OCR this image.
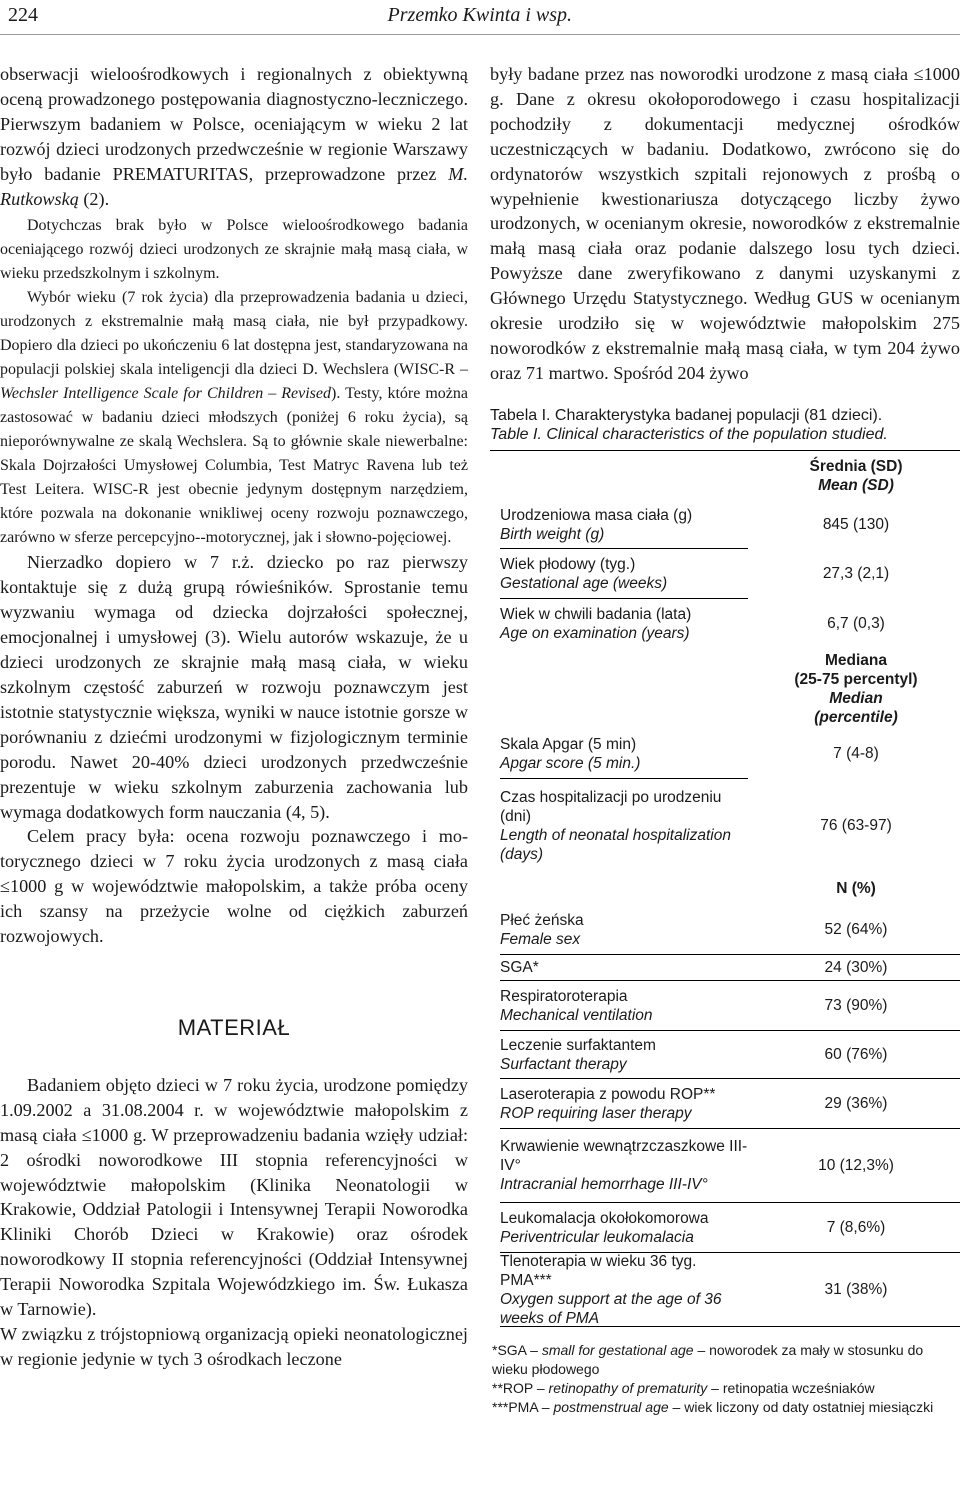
224	Przemko Kwinta i wsp.

obserwacji wieloośrodkowych i regionalnych z obiektywną oceną prowadzonego postępowania diagnostyczno-leczniczego. Pierwszym badaniem w Polsce, oceniającym w wieku 2 lat rozwój dzieci urodzonych przedwcześnie w regionie Warszawy było badanie PREMATURITAS, przeprowadzone przez M. Rutkowską (2).

Dotychczas brak było w Polsce wieloośrodkowego badania oceniającego rozwój dzieci urodzonych ze skrajnie małą masą ciała, w wieku przedszkolnym i szkolnym.

Wybór wieku (7 rok życia) dla przeprowadzenia badania u dzieci, urodzonych z ekstremalnie małą masą ciała, nie był przypadkowy. Dopiero dla dzieci po ukończeniu 6 lat dostępna jest, standaryzowana na populacji polskiej skala inteligencji dla dzieci D. Wechslera (WISC-R – Wechsler Intelligence Scale for Children – Revised). Testy, które można zastosować w badaniu dzieci młodszych (poniżej 6 roku życia), są nieporównywalne ze skalą Wechslera. Są to głównie skale niewerbalne: Skala Dojrzałości Umysłowej Columbia, Test Matryc Ravena lub też Test Leitera. WISC-R jest obecnie jedynym dostępnym narzędziem, które pozwala na dokonanie wnikliwej oceny rozwoju poznawczego, zarówno w sferze percepcyjno--motorycznej, jak i słowno-pojęciowej.

Nierzadko dopiero w 7 r.ż. dziecko po raz pierwszy kontaktuje się z dużą grupą rówieśników. Sprostanie temu wyzwaniu wymaga od dziecka dojrzałości społecznej, emocjonalnej i umysłowej (3). Wielu autorów wskazuje, że u dzieci urodzonych ze skrajnie małą masą ciała, w wieku szkolnym częstość zaburzeń w rozwoju poznawczym jest istotnie statystycznie większa, wyniki w nauce istotnie gorsze w porównaniu z dziećmi urodzonymi w fizjologicznym terminie porodu. Nawet 20-40% dzieci urodzonych przedwcześnie prezentuje w wieku szkolnym zaburzenia zachowania lub wymaga dodatkowych form nauczania (4, 5).

Celem pracy była: ocena rozwoju poznawczego i motorycznego dzieci w 7 roku życia urodzonych z masą ciała ≤1000 g w województwie małopolskim, a także próba oceny ich szansy na przeżycie wolne od ciężkich zaburzeń rozwojowych.

MATERIAŁ

Badaniem objęto dzieci w 7 roku życia, urodzone pomiędzy 1.09.2002 a 31.08.2004 r. w województwie małopolskim z masą ciała ≤1000 g. W przeprowadzeniu badania wzięły udział: 2 ośrodki noworodkowe III stopnia referencyjności w województwie małopolskim (Klinika Neonatologii w Krakowie, Oddział Patologii i Intensywnej Terapii Noworodka Kliniki Chorób Dzieci w Krakowie) oraz ośrodek noworodkowy II stopnia referencyjności (Oddział Intensywnej Terapii Noworodka Szpitala Wojewódzkiego im. Św. Łukasza w Tarnowie).

W związku z trójstopniową organizacją opieki neonatologicznej w regionie jedynie w tych 3 ośrodkach leczone

były badane przez nas noworodki urodzone z masą ciała ≤1000 g. Dane z okresu okołoporodowego i czasu hospitalizacji pochodziły z dokumentacji medycznej ośrodków uczestniczących w badaniu. Dodatkowo, zwrócono się do ordynatorów wszystkich szpitali rejonowych z prośbą o wypełnienie kwestionariusza dotyczącego liczby żywo urodzonych, w ocenianym okresie, noworodków z ekstremalnie małą masą ciała oraz podanie dalszego losu tych dzieci. Powyższe dane zweryfikowano z danymi uzyskanymi z Głównego Urzędu Statystycznego. Według GUS w ocenianym okresie urodziło się w województwie małopolskim 275 noworodków z ekstremalnie małą masą ciała, w tym 204 żywo oraz 71 martwo. Spośród 204 żywo

Tabela I. Charakterystyka badanej populacji (81 dzieci).
Table I. Clinical characteristics of the population studied.
Średnia (SD)
Mean (SD)
Urodzeniowa masa ciała (g)
Birth weight (g)
845 (130)
Wiek płodowy (tyg.)
Gestational age (weeks)
27,3 (2,1)
Wiek w chwili badania (lata)
Age on examination (years)
6,7 (0,3)
Mediana
(25-75 percentyl)
Median
(percentile)
Skala Apgar (5 min)
Apgar score (5 min.)
7 (4-8)
Czas hospitalizacji po urodzeniu (dni)
Length of neonatal hospitalization (days)
76 (63-97)
N (%)
Płeć żeńska
Female sex
52 (64%)
SGA*	24 (30%)
Respiratoroterapia
Mechanical ventilation
73 (90%)
Leczenie surfaktantem
Surfactant therapy
60 (76%)
Laseroterapia z powodu ROP**
ROP requiring laser therapy
29 (36%)
Krwawienie wewnątrzczaszkowe III-IV°
Intracranial hemorrhage III-IV°
10 (12,3%)
Leukomalacja okołokomorowa
Periventricular leukomalacia
7 (8,6%)
Tlenoterapia w wieku 36 tyg. PMA***
Oxygen support at the age of 36 weeks of PMA
31 (38%)
*SGA – small for gestational age – noworodek za mały w stosunku do wieku płodowego
**ROP – retinopathy of prematurity – retinopatia wcześniaków
***PMA – postmenstrual age – wiek liczony od daty ostatniej miesiączki
